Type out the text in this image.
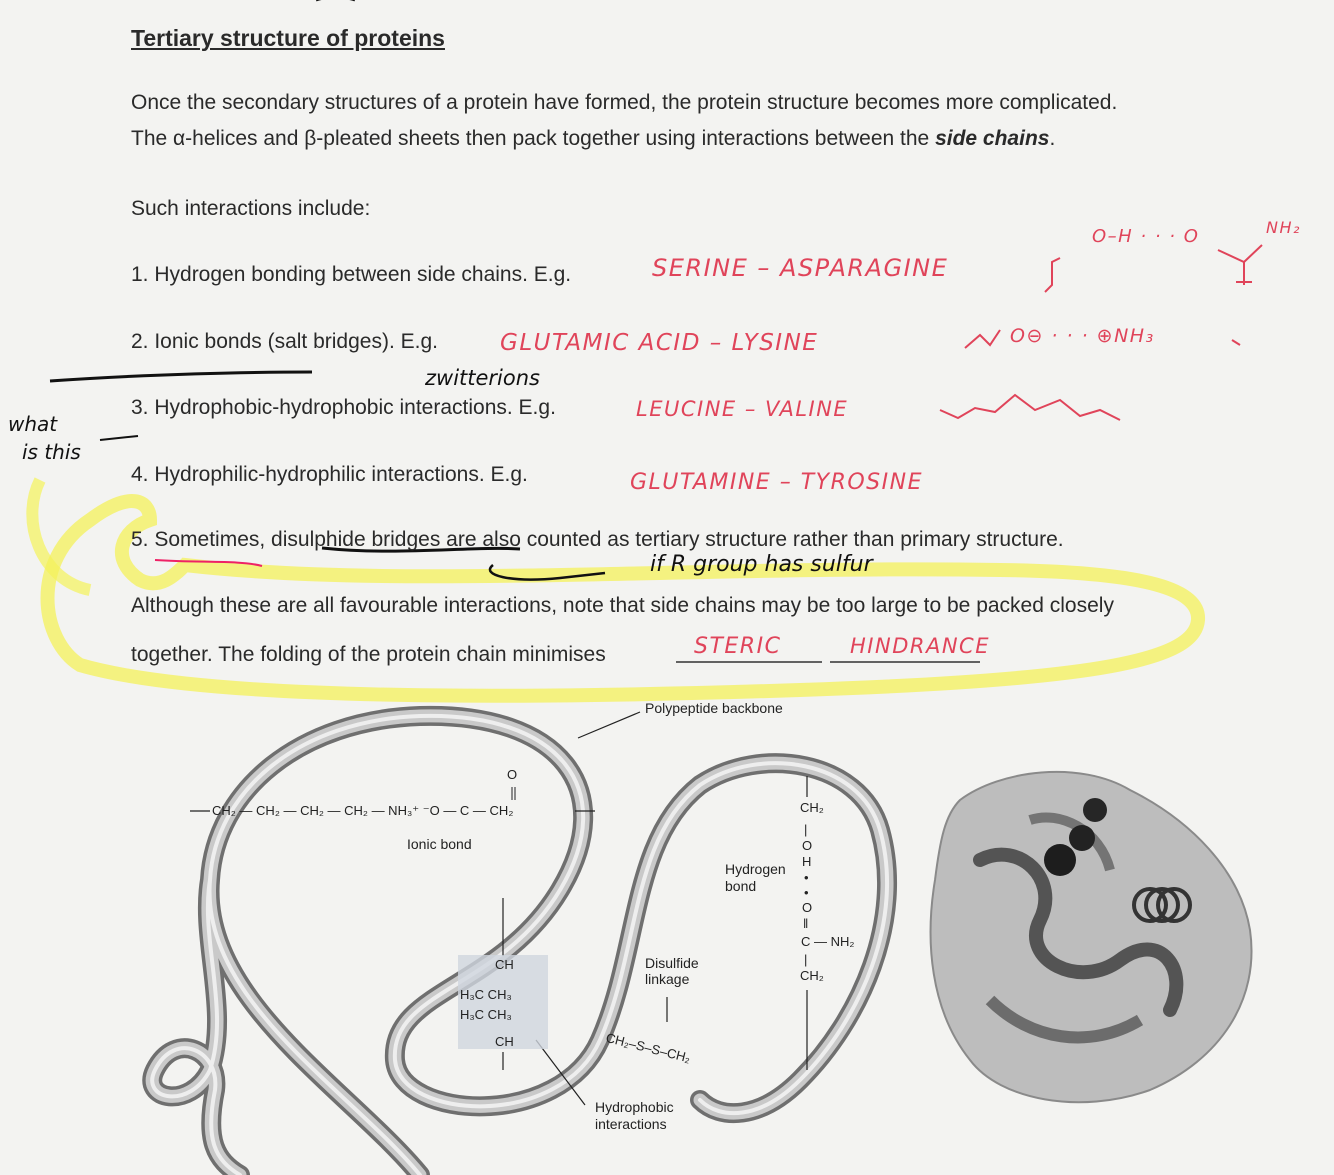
Tertiary structure of proteins
Once the secondary structures of a protein have formed, the protein structure becomes more complicated.
The α-helices and β-pleated sheets then pack together using interactions between the side chains.
Such interactions include:
1. Hydrogen bonding between side chains. E.g.
2. Ionic bonds (salt bridges). E.g.
3. Hydrophobic-hydrophobic interactions. E.g.
4. Hydrophilic-hydrophilic interactions. E.g.
5. Sometimes, disulphide bridges are also counted as tertiary structure rather than primary structure.
Although these are all favourable interactions, note that side chains may be too large to be packed closely
together. The folding of the protein chain minimises
SERINE – ASPARAGINE
GLUTAMIC ACID – LYSINE
LEUCINE – VALINE
GLUTAMINE – TYROSINE
STERIC	HINDRANCE
O–H · · · O	NH₂
O⊖ · · · ⊕NH₃
zwitterions
what
is this
if R group has sulfur
Polypeptide backbone
O
CH₂ — CH₂ — CH₂ — CH₂ — NH₃⁺ ⁻O — C — CH₂
Ionic bond
Hydrogen
bond
CH₂
|
O
H
•
•
O
‖
C — NH₂
|
CH₂
CH
H₃C CH₃
H₃C CH₃
CH
Disulfide
linkage
CH₂–S–S–CH₂
Hydrophobic
interactions
